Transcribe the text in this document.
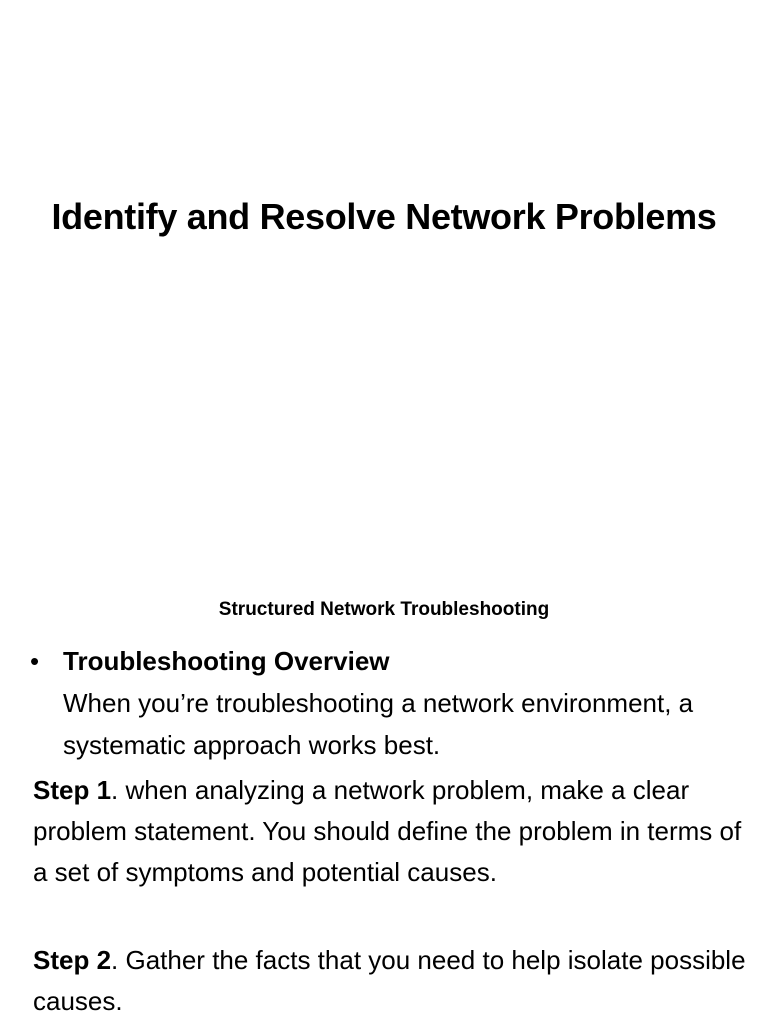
Identify and Resolve Network Problems
Structured Network Troubleshooting
• Troubleshooting Overview
When you’re troubleshooting a network environment, a systematic approach works best.
Step 1. when analyzing a network problem, make a clear problem statement. You should define the problem in terms of a set of symptoms and potential causes.
Step 2. Gather the facts that you need to help isolate possible causes.
